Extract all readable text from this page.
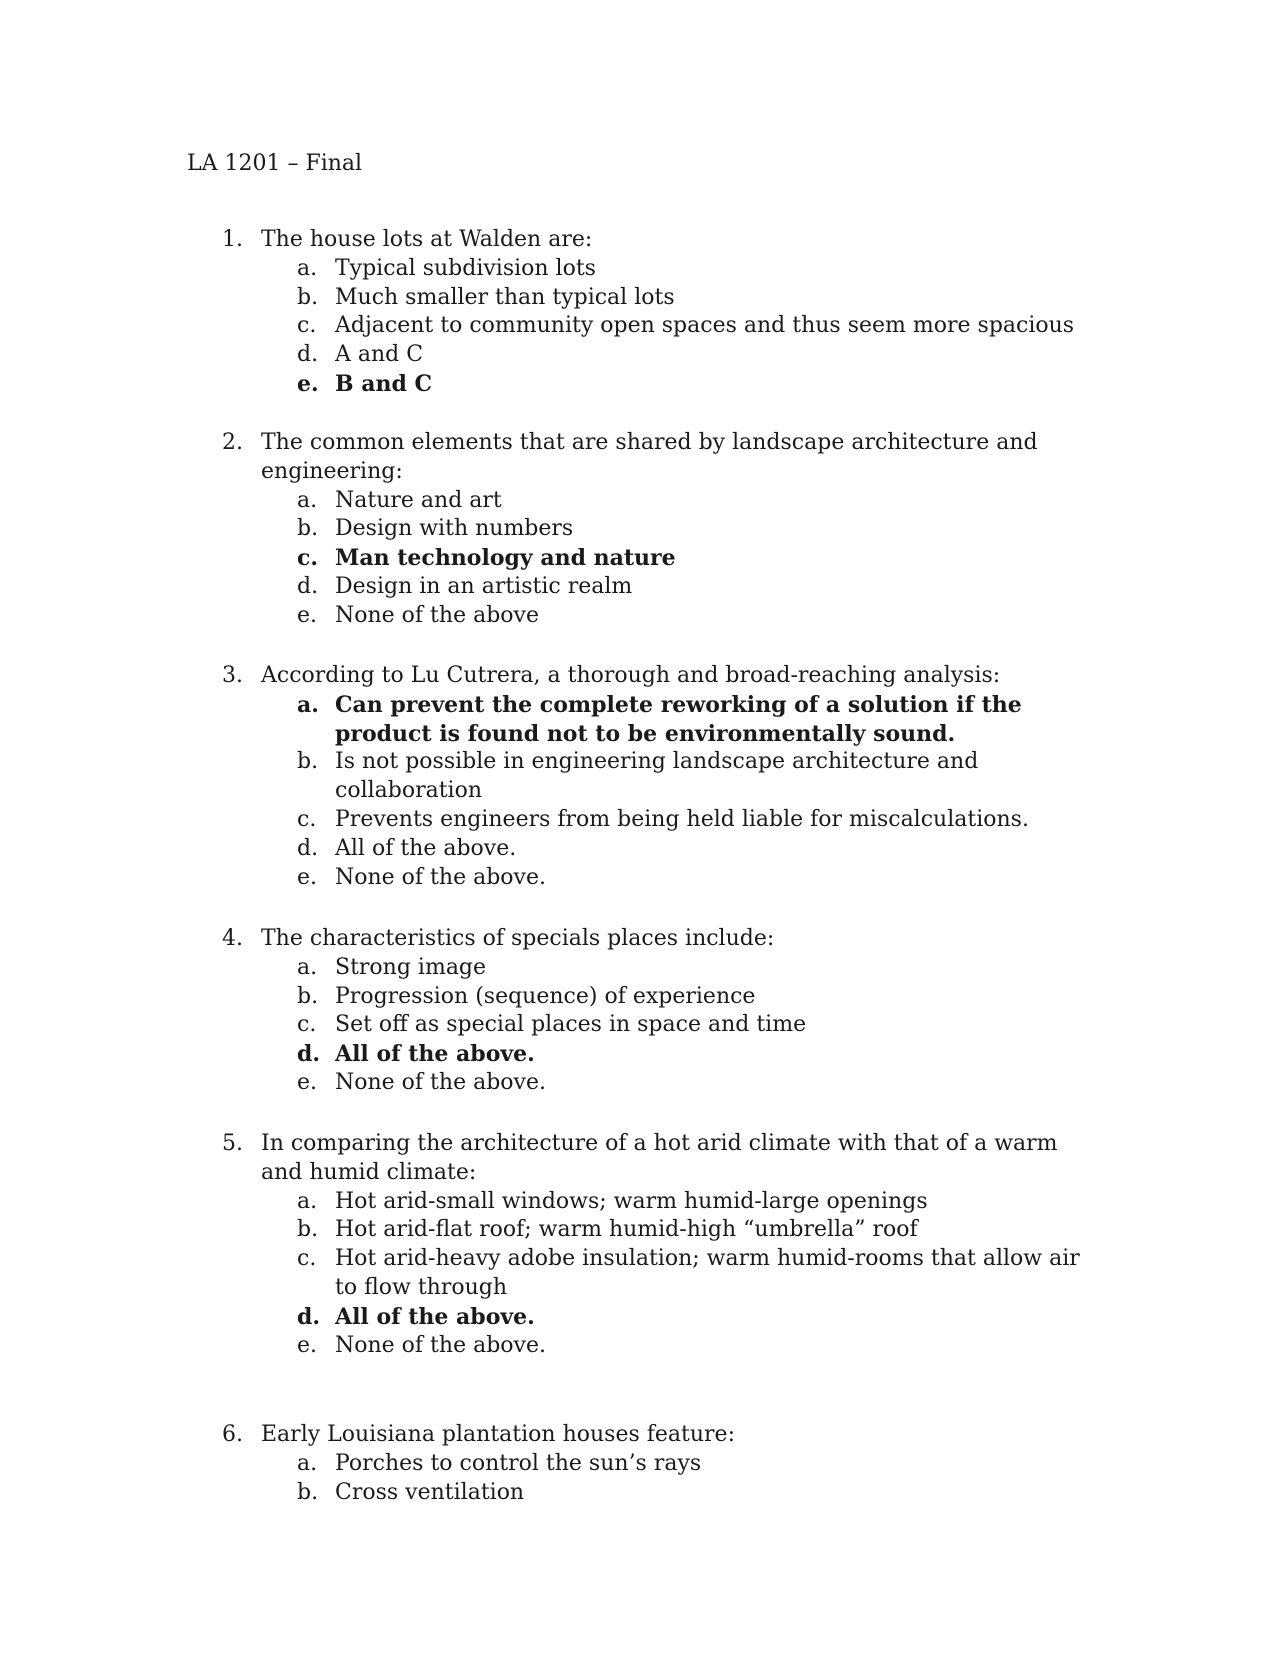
LA 1201 – Final
1. The house lots at Walden are:
a. Typical subdivision lots
b. Much smaller than typical lots
c. Adjacent to community open spaces and thus seem more spacious
d. A and C
e. B and C
2. The common elements that are shared by landscape architecture and engineering:
a. Nature and art
b. Design with numbers
c. Man technology and nature
d. Design in an artistic realm
e. None of the above
3. According to Lu Cutrera, a thorough and broad-reaching analysis:
a. Can prevent the complete reworking of a solution if the product is found not to be environmentally sound.
b. Is not possible in engineering landscape architecture and collaboration
c. Prevents engineers from being held liable for miscalculations.
d. All of the above.
e. None of the above.
4. The characteristics of specials places include:
a. Strong image
b. Progression (sequence) of experience
c. Set off as special places in space and time
d. All of the above.
e. None of the above.
5. In comparing the architecture of a hot arid climate with that of a warm and humid climate:
a. Hot arid-small windows; warm humid-large openings
b. Hot arid-flat roof; warm humid-high “umbrella” roof
c. Hot arid-heavy adobe insulation; warm humid-rooms that allow air to flow through
d. All of the above.
e. None of the above.
6. Early Louisiana plantation houses feature:
a. Porches to control the sun’s rays
b. Cross ventilation
